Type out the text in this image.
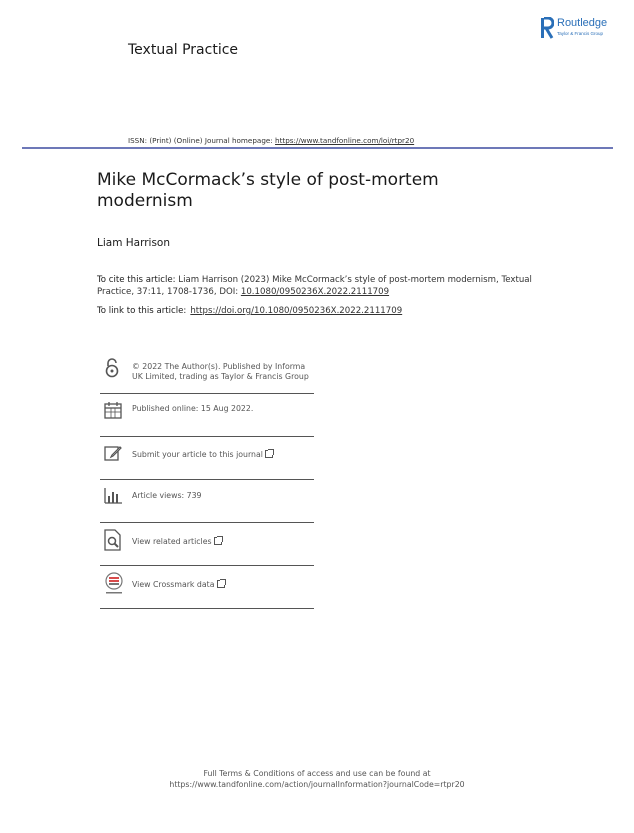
Textual Practice
Routledge
Taylor & Francis Group
ISSN: (Print) (Online) Journal homepage: https://www.tandfonline.com/loi/rtpr20
Mike McCormack’s style of post-mortem modernism
Liam Harrison
To cite this article: Liam Harrison (2023) Mike McCormack’s style of post-mortem modernism, Textual Practice, 37:11, 1708-1736, DOI: 10.1080/0950236X.2022.2111709
To link to this article: https://doi.org/10.1080/0950236X.2022.2111709
© 2022 The Author(s). Published by Informa UK Limited, trading as Taylor & Francis Group
Published online: 15 Aug 2022.
Submit your article to this journal
Article views: 739
View related articles
View Crossmark data
Full Terms & Conditions of access and use can be found at
https://www.tandfonline.com/action/journalInformation?journalCode=rtpr20
